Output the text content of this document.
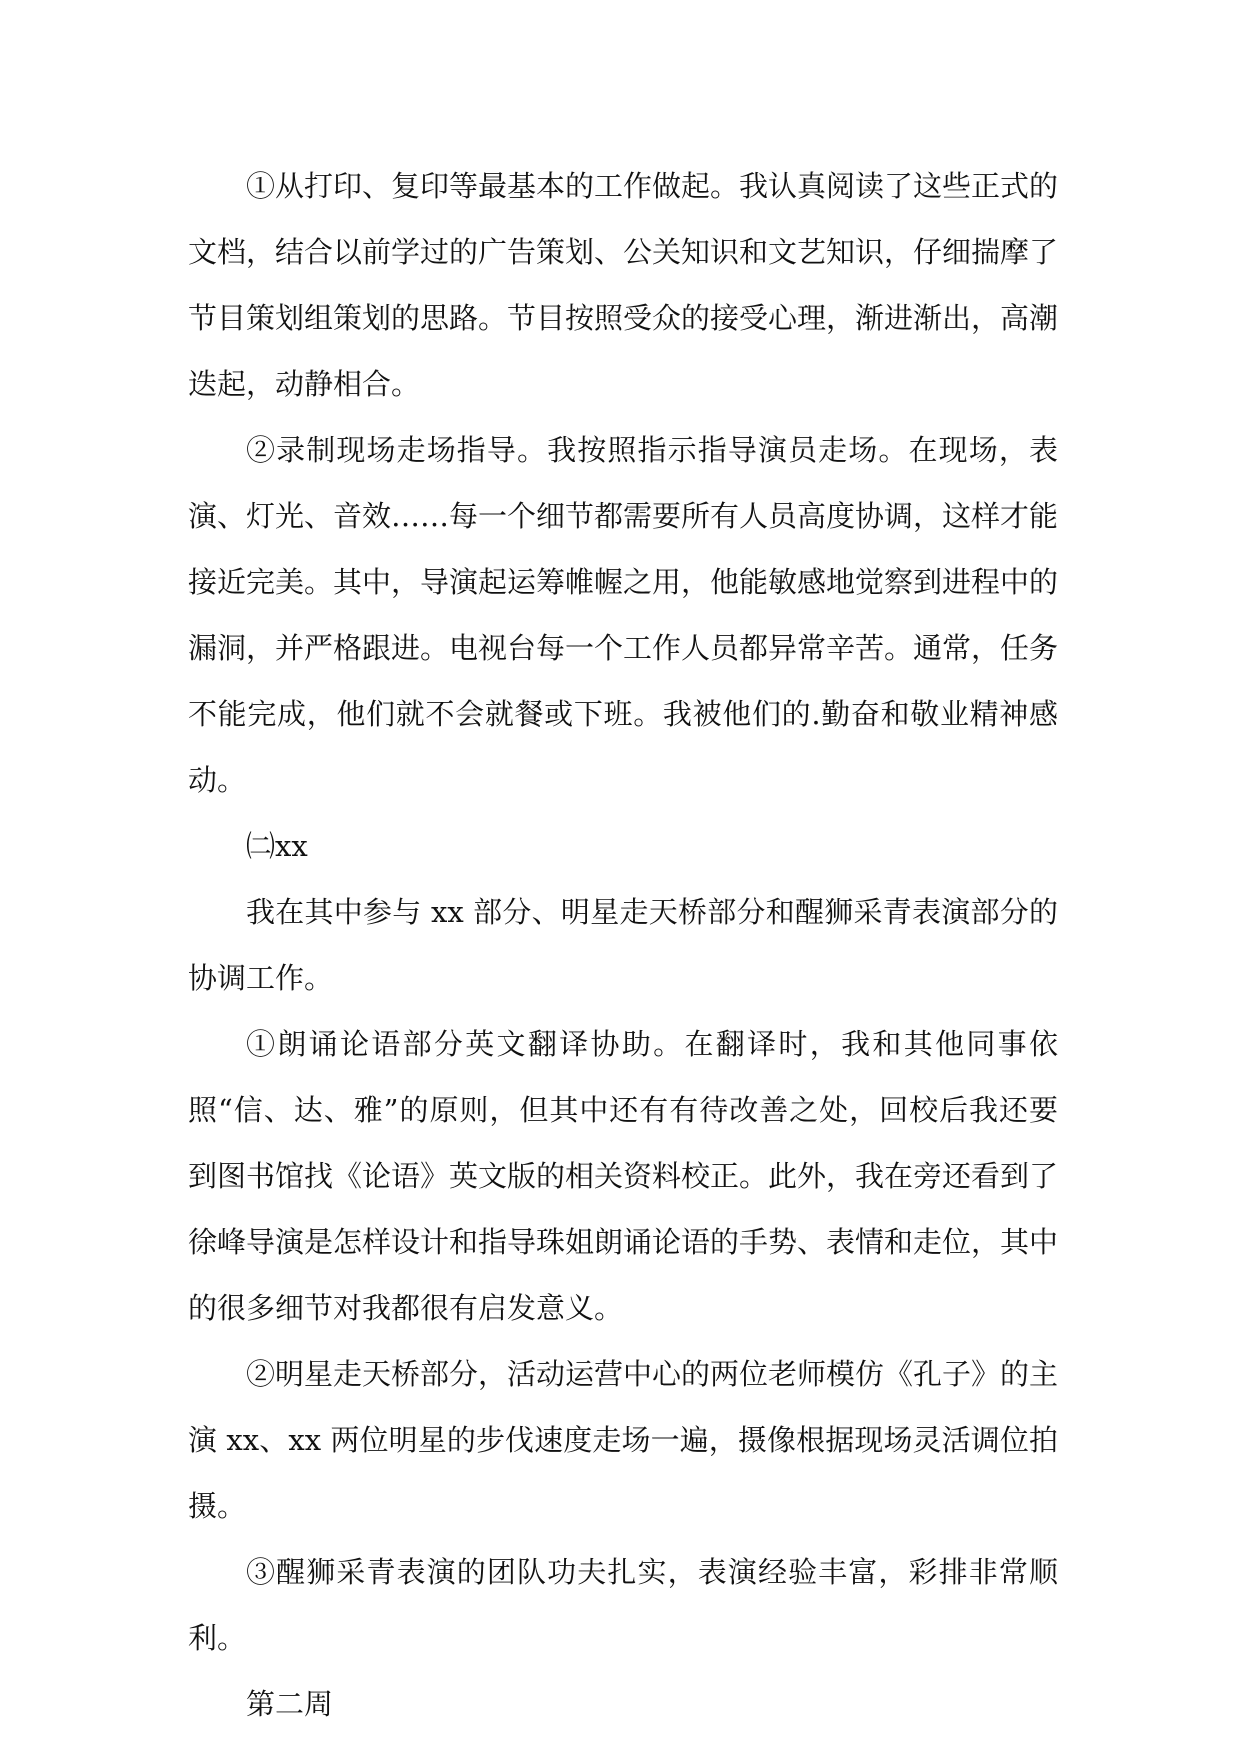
①从打印、复印等最基本的工作做起。我认真阅读了这些正式的文档，结合以前学过的广告策划、公关知识和文艺知识，仔细揣摩了节目策划组策划的思路。节目按照受众的接受心理，渐进渐出，高潮迭起，动静相合。

②录制现场走场指导。我按照指示指导演员走场。在现场，表演、灯光、音效……每一个细节都需要所有人员高度协调，这样才能接近完美。其中，导演起运筹帷幄之用，他能敏感地觉察到进程中的漏洞，并严格跟进。电视台每一个工作人员都异常辛苦。通常，任务不能完成，他们就不会就餐或下班。我被他们的.勤奋和敬业精神感动。

㈡xx

我在其中参与 xx 部分、明星走天桥部分和醒狮采青表演部分的协调工作。

①朗诵论语部分英文翻译协助。在翻译时，我和其他同事依照“信、达、雅”的原则，但其中还有有待改善之处，回校后我还要到图书馆找《论语》英文版的相关资料校正。此外，我在旁还看到了徐峰导演是怎样设计和指导珠姐朗诵论语的手势、表情和走位，其中的很多细节对我都很有启发意义。

②明星走天桥部分，活动运营中心的两位老师模仿《孔子》的主演 xx、xx 两位明星的步伐速度走场一遍，摄像根据现场灵活调位拍摄。

③醒狮采青表演的团队功夫扎实，表演经验丰富，彩排非常顺利。

第二周
